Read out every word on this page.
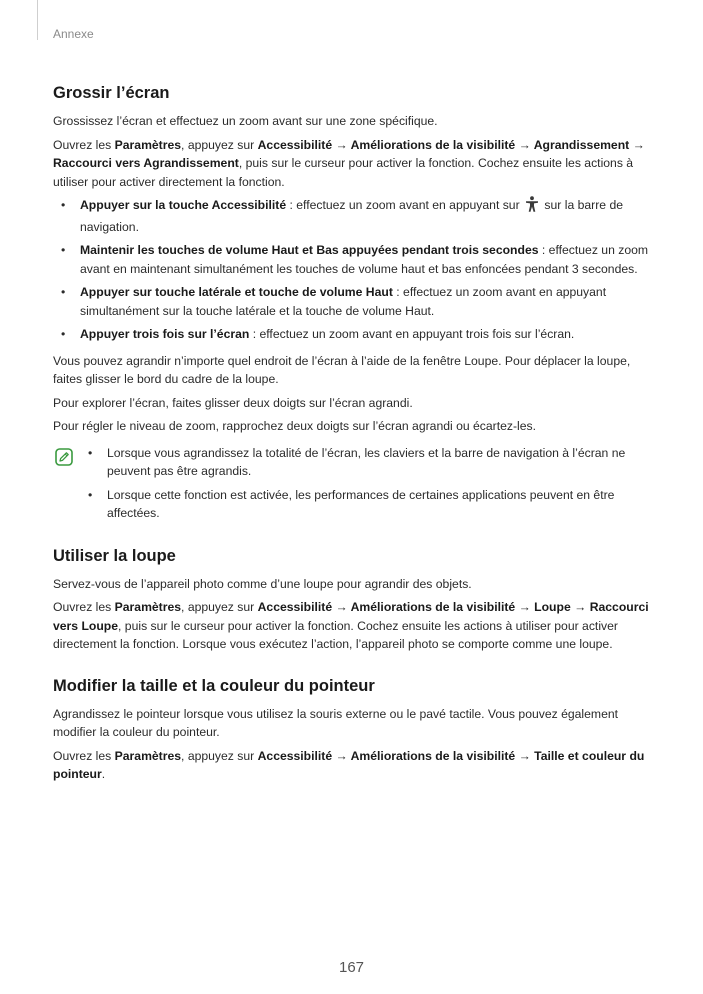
Annexe
Grossir l’écran

Grossissez l’écran et effectuez un zoom avant sur une zone spécifique.

Ouvrez les Paramètres, appuyez sur Accessibilité → Améliorations de la visibilité → Agrandissement → Raccourci vers Agrandissement, puis sur le curseur pour activer la fonction. Cochez ensuite les actions à utiliser pour activer directement la fonction.

• Appuyer sur la touche Accessibilité : effectuez un zoom avant en appuyant sur  sur la barre de navigation.
• Maintenir les touches de volume Haut et Bas appuyées pendant trois secondes : effectuez un zoom avant en maintenant simultanément les touches de volume haut et bas enfoncées pendant 3 secondes.
• Appuyer sur touche latérale et touche de volume Haut : effectuez un zoom avant en appuyant simultanément sur la touche latérale et la touche de volume Haut.
• Appuyer trois fois sur l’écran : effectuez un zoom avant en appuyant trois fois sur l’écran.

Vous pouvez agrandir n’importe quel endroit de l’écran à l’aide de la fenêtre Loupe. Pour déplacer la loupe, faites glisser le bord du cadre de la loupe.

Pour explorer l’écran, faites glisser deux doigts sur l’écran agrandi.

Pour régler le niveau de zoom, rapprochez deux doigts sur l’écran agrandi ou écartez-les.

• Lorsque vous agrandissez la totalité de l’écran, les claviers et la barre de navigation à l’écran ne peuvent pas être agrandis.
• Lorsque cette fonction est activée, les performances de certaines applications peuvent en être affectées.
Utiliser la loupe

Servez-vous de l’appareil photo comme d’une loupe pour agrandir des objets.

Ouvrez les Paramètres, appuyez sur Accessibilité → Améliorations de la visibilité → Loupe → Raccourci vers Loupe, puis sur le curseur pour activer la fonction. Cochez ensuite les actions à utiliser pour activer directement la fonction. Lorsque vous exécutez l’action, l’appareil photo se comporte comme une loupe.

Modifier la taille et la couleur du pointeur

Agrandissez le pointeur lorsque vous utilisez la souris externe ou le pavé tactile. Vous pouvez également modifier la couleur du pointeur.

Ouvrez les Paramètres, appuyez sur Accessibilité → Améliorations de la visibilité → Taille et couleur du pointeur.

167
